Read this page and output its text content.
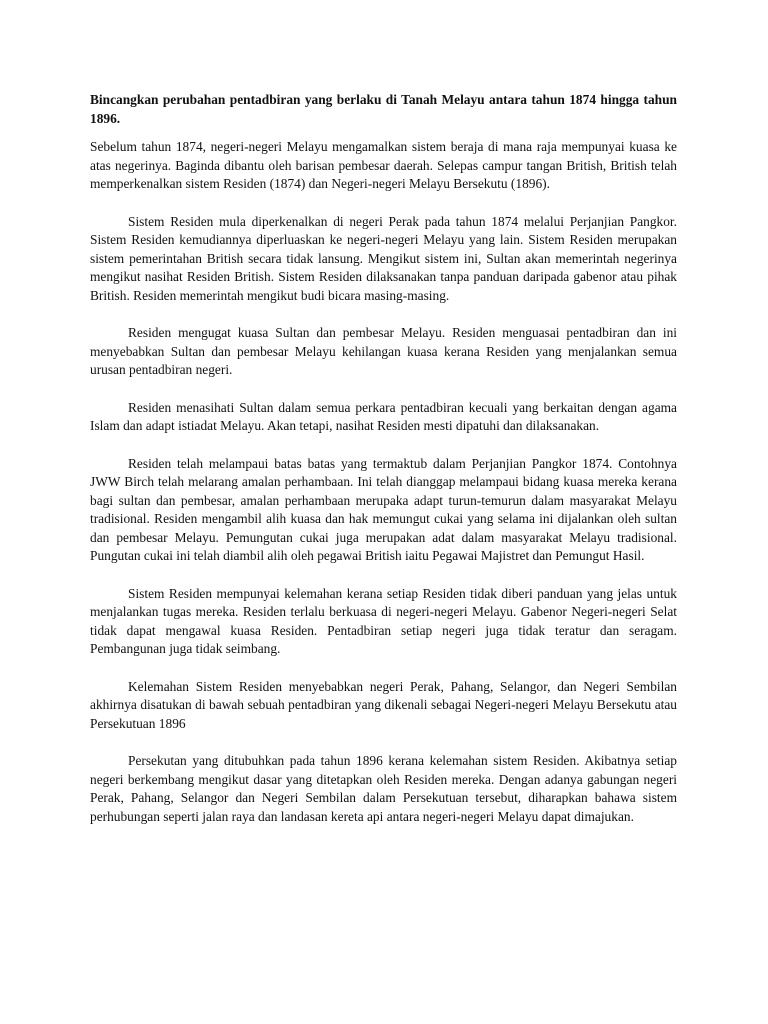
Bincangkan perubahan pentadbiran yang berlaku di Tanah Melayu antara tahun 1874 hingga tahun 1896.

Sebelum tahun 1874, negeri-negeri Melayu mengamalkan sistem beraja di mana raja mempunyai kuasa ke atas negerinya. Baginda dibantu oleh barisan pembesar daerah. Selepas campur tangan British, British telah memperkenalkan sistem Residen (1874) dan Negeri-negeri Melayu Bersekutu (1896).

Sistem Residen mula diperkenalkan di negeri Perak pada tahun 1874 melalui Perjanjian Pangkor. Sistem Residen kemudiannya diperluaskan ke negeri-negeri Melayu yang lain. Sistem Residen merupakan sistem pemerintahan British secara tidak lansung. Mengikut sistem ini, Sultan akan memerintah negerinya mengikut nasihat Residen British. Sistem Residen dilaksanakan tanpa panduan daripada gabenor atau pihak British. Residen memerintah mengikut budi bicara masing-masing.

Residen mengugat kuasa Sultan dan pembesar Melayu. Residen menguasai pentadbiran dan ini menyebabkan Sultan dan pembesar Melayu kehilangan kuasa kerana Residen yang menjalankan semua urusan pentadbiran negeri.

Residen menasihati Sultan dalam semua perkara pentadbiran kecuali yang berkaitan dengan agama Islam dan adapt istiadat Melayu. Akan tetapi, nasihat Residen mesti dipatuhi dan dilaksanakan.

Residen telah melampaui batas batas yang termaktub dalam Perjanjian Pangkor 1874. Contohnya JWW Birch telah melarang amalan perhambaan. Ini telah dianggap melampaui bidang kuasa mereka kerana bagi sultan dan pembesar, amalan perhambaan merupaka adapt turun-temurun dalam masyarakat Melayu tradisional. Residen mengambil alih kuasa dan hak memungut cukai yang selama ini dijalankan oleh sultan dan pembesar Melayu. Pemungutan cukai juga merupakan adat dalam masyarakat Melayu tradisional. Pungutan cukai ini telah diambil alih oleh pegawai British iaitu Pegawai Majistret dan Pemungut Hasil.

Sistem Residen mempunyai kelemahan kerana setiap Residen tidak diberi panduan yang jelas untuk menjalankan tugas mereka. Residen terlalu berkuasa di negeri-negeri Melayu. Gabenor Negeri-negeri Selat tidak dapat mengawal kuasa Residen. Pentadbiran setiap negeri juga tidak teratur dan seragam. Pembangunan juga tidak seimbang.

Kelemahan Sistem Residen menyebabkan negeri Perak, Pahang, Selangor, dan Negeri Sembilan akhirnya disatukan di bawah sebuah pentadbiran yang dikenali sebagai Negeri-negeri Melayu Bersekutu atau Persekutuan 1896

Persekutan yang ditubuhkan pada tahun 1896 kerana kelemahan sistem Residen. Akibatnya setiap negeri berkembang mengikut dasar yang ditetapkan oleh Residen mereka. Dengan adanya gabungan negeri Perak, Pahang, Selangor dan Negeri Sembilan dalam Persekutuan tersebut, diharapkan bahawa sistem perhubungan seperti jalan raya dan landasan kereta api antara negeri-negeri Melayu dapat dimajukan.
